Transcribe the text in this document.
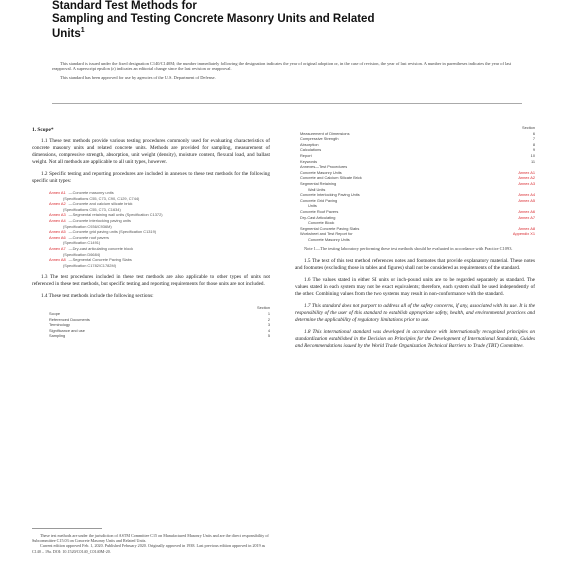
Standard Test Methods for
Sampling and Testing Concrete Masonry Units and Related
Units$^1$

This standard is issued under the fixed designation C140/C140M; the number immediately following the designation indicates the year of original adoption or, in the case of revision, the year of last revision. A number in parentheses indicates the year of last reapproval. A superscript epsilon (ε) indicates an editorial change since the last revision or reapproval.

This standard has been approved for use by agencies of the U.S. Department of Defense.

1. Scope*

1.1 These test methods provide various testing procedures commonly used for evaluating characteristics of concrete masonry units and related concrete units. Methods are provided for sampling, measurement of dimensions, compressive strength, absorption, unit weight (density), moisture content, flexural load, and ballast weight. Not all methods are applicable to all unit types, however.

1.2 Specific testing and reporting procedures are included in annexes to these test methods for the following specific unit types:

Annex A1 —Concrete masonry units
(Specifications C55, C73, C90, C129, C744)
Annex A2 —Concrete and calcium silicate brick
(Specifications C55, C73, C1634)
Annex A3 —Segmental retaining wall units (Specification C1372)
Annex A4 —Concrete interlocking paving units
(Specification C936/C936M)
Annex A5 —Concrete grid paving units (Specification C1319)
Annex A6 —Concrete roof pavers
(Specification C1491)
Annex A7 —Dry-cast articulating concrete block
(Specification D6684)
Annex A8 —Segmental Concrete Paving Slabs
(Specification C1782/C1782M)

1.3 The test procedures included in these test methods are also applicable to other types of units not referenced in these test methods, but specific testing and reporting requirements for those units are not included.

1.4 These test methods include the following sections:

Section
Scope	1
Referenced Documents	2
Terminology	3
Significance and use	4
Sampling	5
Section
Measurement of Dimensions	6
Compressive Strength	7
Absorption	8
Calculations	9
Report	10
Keywords	11
Annexes—Test Procedures
Concrete Masonry Units	Annex A1
Concrete and Calcium Silicate Brick	Annex A2
Segmental Retaining	Annex A3
Wall Units
Concrete Interlocking Paving Units	Annex A4
Concrete Grid Paving	Annex A5
Units
Concrete Roof Pavers	Annex A6
Dry-Cast Articulating	Annex A7
Concrete Block
Segmental Concrete Paving Slabs	Annex A8
Worksheet and Test Report for	Appendix X1
Concrete Masonry Units

Note 1—The testing laboratory performing these test methods should be evaluated in accordance with Practice C1093.

1.5 The text of this test method references notes and footnotes that provide explanatory material. These notes and footnotes (excluding those in tables and figures) shall not be considered as requirements of the standard.

1.6 The values stated in either SI units or inch-pound units are to be regarded separately as standard. The values stated in each system may not be exact equivalents; therefore, each system shall be used independently of the other. Combining values from the two systems may result in non-conformance with the standard.

1.7 This standard does not purport to address all of the safety concerns, if any, associated with its use. It is the responsibility of the user of this standard to establish appropriate safety, health, and environmental practices and determine the applicability of regulatory limitations prior to use.

1.8 This international standard was developed in accordance with internationally recognized principles on standardization established in the Decision on Principles for the Development of International Standards, Guides and Recommendations issued by the World Trade Organization Technical Barriers to Trade (TBT) Committee.

These test methods are under the jurisdiction of ASTM Committee C15 on Manufactured Masonry Units and are the direct responsibility of Subcommittee C15.03 on Concrete Masonry Units and Related Units.

Current edition approved Feb. 1, 2020. Published February 2020. Originally approved in 1938. Last previous edition approved in 2019 as C140 – 19a. DOI: 10.1520/C0140_C0140M-20.
